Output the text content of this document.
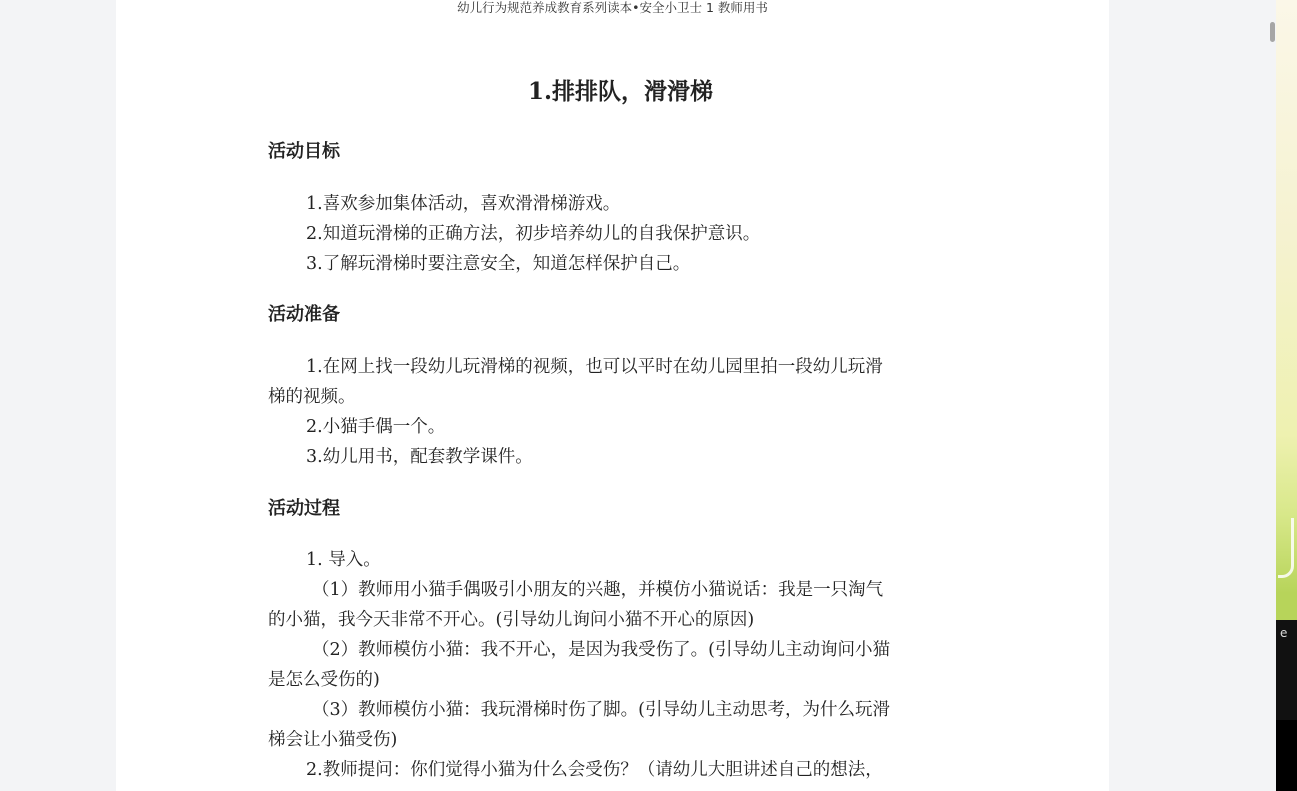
幼儿行为规范养成教育系列读本•安全小卫士 1 教师用书
1.排排队，滑滑梯
活动目标
1.喜欢参加集体活动，喜欢滑滑梯游戏。
2.知道玩滑梯的正确方法，初步培养幼儿的自我保护意识。
3.了解玩滑梯时要注意安全，知道怎样保护自己。
活动准备
1.在网上找一段幼儿玩滑梯的视频，也可以平时在幼儿园里拍一段幼儿玩滑
梯的视频。
2.小猫手偶一个。
3.幼儿用书，配套教学课件。
活动过程
1. 导入。
（1）教师用小猫手偶吸引小朋友的兴趣，并模仿小猫说话：我是一只淘气
的小猫，我今天非常不开心。(引导幼儿询问小猫不开心的原因)
（2）教师模仿小猫：我不开心，是因为我受伤了。(引导幼儿主动询问小猫
是怎么受伤的)
（3）教师模仿小猫：我玩滑梯时伤了脚。(引导幼儿主动思考，为什么玩滑
梯会让小猫受伤)
2.教师提问：你们觉得小猫为什么会受伤？（请幼儿大胆讲述自己的想法，
e
